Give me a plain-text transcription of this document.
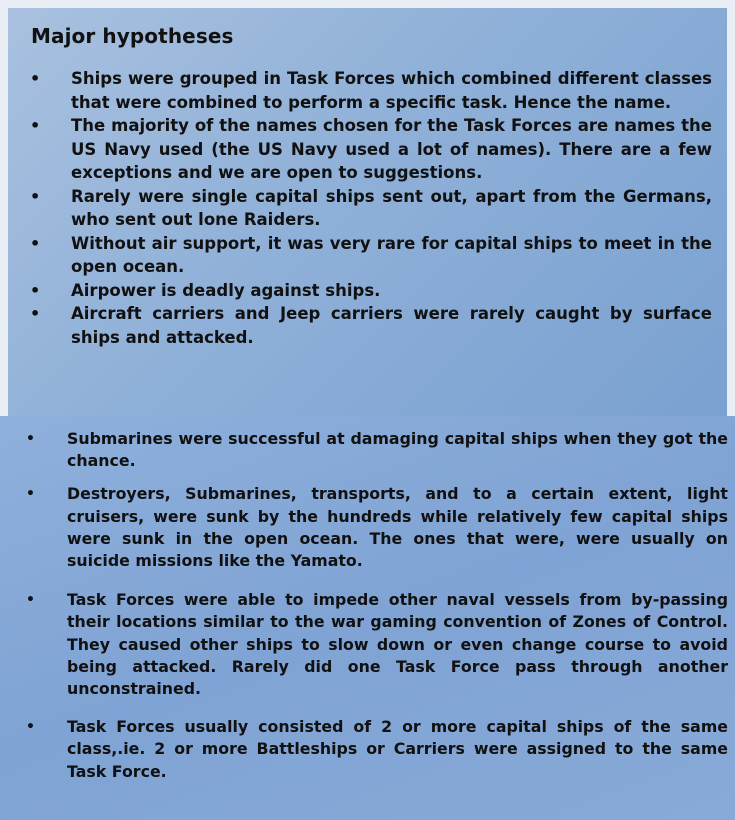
Major hypotheses
• Ships were grouped in Task Forces which combined different classes that were combined to perform a specific task. Hence the name.
• The majority of the names chosen for the Task Forces are names the US Navy used (the US Navy used a lot of names). There are a few exceptions and we are open to suggestions.
• Rarely were single capital ships sent out, apart from the Germans, who sent out lone Raiders.
• Without air support, it was very rare for capital ships to meet in the open ocean.
• Airpower is deadly against ships.
• Aircraft carriers and Jeep carriers were rarely caught by surface ships and attacked.
• Submarines were successful at damaging capital ships when they got the chance.
• Destroyers, Submarines, transports, and to a certain extent, light cruisers, were sunk by the hundreds while relatively few capital ships were sunk in the open ocean. The ones that were, were usually on suicide missions like the Yamato.
• Task Forces were able to impede other naval vessels from by-passing their locations similar to the war gaming convention of Zones of Control. They caused other ships to slow down or even change course to avoid being attacked. Rarely did one Task Force pass through another unconstrained.
• Task Forces usually consisted of 2 or more capital ships of the same class,.ie. 2 or more Battleships or Carriers were assigned to the same Task Force.
